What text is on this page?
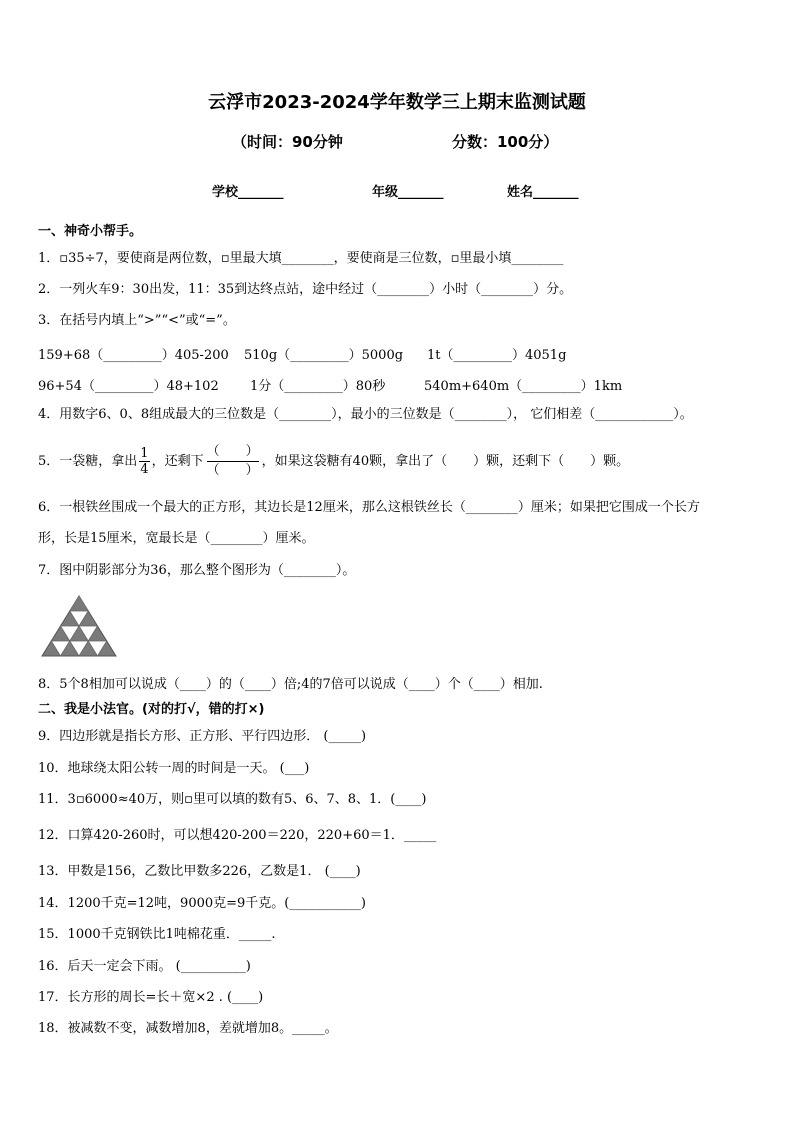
云浮市2023-2024学年数学三上期末监测试题
（时间：90分钟	分数：100分）
学校_______	年级_______	姓名_______
一、神奇小帮手。
1．▫35÷7，要使商是两位数，▫里最大填________，要使商是三位数，▫里最小填________
2．一列火车9：30出发，11：35到达终点站，途中经过（________）小时（________）分。
3．在括号内填上“>”“<”或“=”。
159+68（_________）405-200 510g（_________）5000g 1t（_________）4051g
96+54（_________）48+102 1分（_________）80秒	540m+640m（_________）1km
4．用数字6、0、8组成最大的三位数是（________），最小的三位数是（________）， 它们相差（____________）。
5．一袋糖，拿出 $\frac{1}{4}$ ，还剩下 $\frac{( )}{( )}$ ，如果这袋糖有40颗，拿出了（　　）颗，还剩下（　　）颗。
6．一根铁丝围成一个最大的正方形，其边长是12厘米，那么这根铁丝长（________）厘米；如果把它围成一个长方
形，长是15厘米，宽最长是（________）厘米。
7．图中阴影部分为36，那么整个图形为（________）。
8．5个8相加可以说成（____）的（____）倍;4的7倍可以说成（____）个（____）相加.
二、我是小法官。(对的打√，错的打×)
9．四边形就是指长方形、正方形、平行四边形． (_____)
10．地球绕太阳公转一周的时间是一天。 (___)
11．3▫6000≈40万，则▫里可以填的数有5、6、7、8、1．(____)
12．口算420-260时，可以想420-200＝220，220+60＝1．_____
13．甲数是156，乙数比甲数多226，乙数是1． (____)
14．1200千克=12吨，9000克=9千克。(___________)
15．1000千克钢铁比1吨棉花重．_____.
16．后天一定会下雨。 (__________)
17．长方形的周长=长＋宽×2 . (____)
18．被减数不变，减数增加8，差就增加8。_____。
